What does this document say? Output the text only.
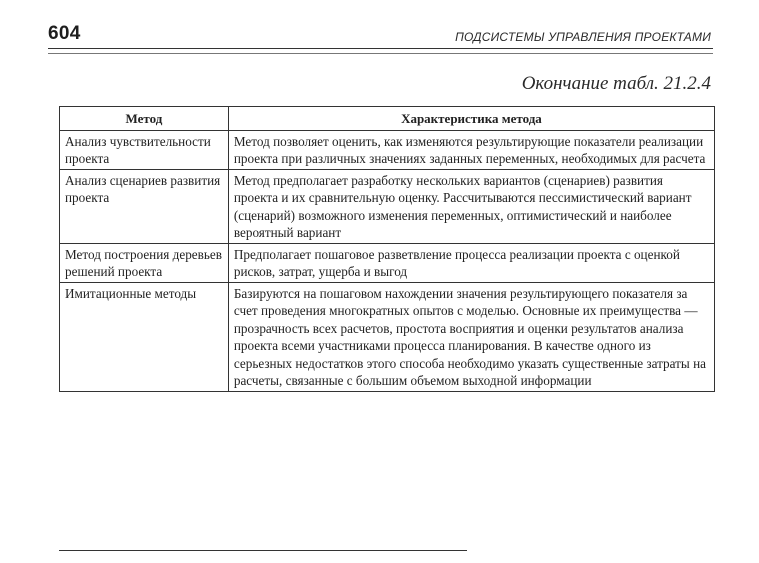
604	ПОДСИСТЕМЫ УПРАВЛЕНИЯ ПРОЕКТАМИ
Окончание табл. 21.2.4
Метод	Характеристика метода
Анализ чувствительности проекта	Метод позволяет оценить, как изменяются результирующие показатели реализации проекта при различных значениях заданных переменных, необходимых для расчета
Анализ сценариев развития проекта	Метод предполагает разработку нескольких вариантов (сценариев) развития проекта и их сравнительную оценку. Рассчитываются пессимистический вариант (сценарий) возможного изменения переменных, оптимистический и наиболее вероятный вариант
Метод построения деревьев решений проекта	Предполагает пошаговое разветвление процесса реализации проекта с оценкой рисков, затрат, ущерба и выгод
Имитационные методы	Базируются на пошаговом нахождении значения результирующего показателя за счет проведения многократных опытов с моделью. Основные их преимущества — прозрачность всех расчетов, простота восприятия и оценки результатов анализа проекта всеми участниками процесса планирования. В качестве одного из серьезных недостатков этого способа необходимо указать существенные затраты на расчеты, связанные с большим объемом выходной информации
